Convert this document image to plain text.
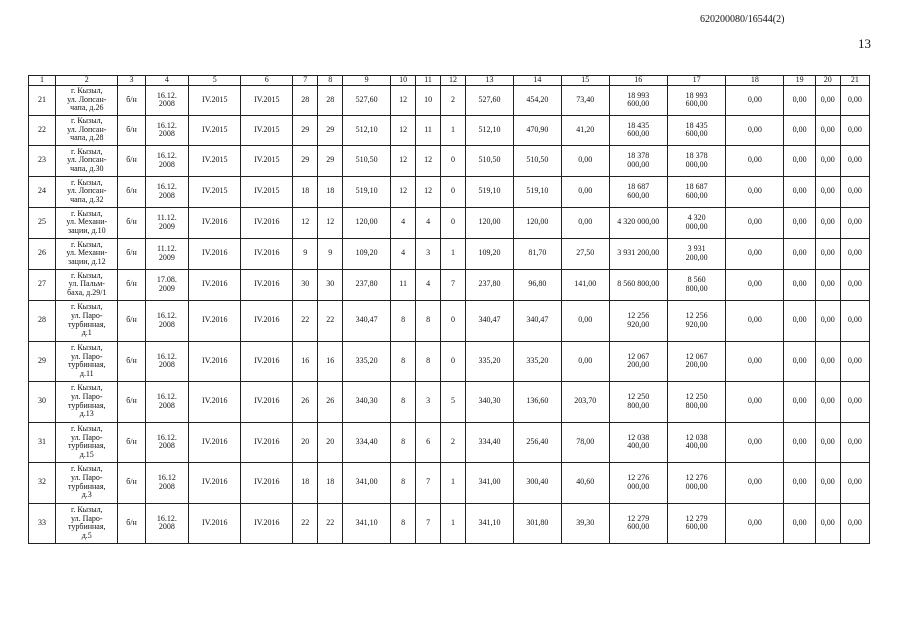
620200080/16544(2)
13
1	2	3	4	5	6	7	8	9	10	11	12	13	14	15	16	17	18	19	20	21

21	г. Кызыл,
ул. Лопсан-
чапа, д.26	б/н	16.12.
2008	IV.2015	IV.2015	28	28	527,60	12	10	2	527,60	454,20	73,40	18 993
600,00	18 993
600,00	0,00	0,00	0,00	0,00

22	г. Кызыл,
ул. Лопсан-
чапа, д.28	б/н	16.12.
2008	IV.2015	IV.2015	29	29	512,10	12	11	1	512,10	470,90	41,20	18 435
600,00	18 435
600,00	0,00	0,00	0,00	0,00

23	г. Кызыл,
ул. Лопсан-
чапа, д.30	б/н	16.12.
2008	IV.2015	IV.2015	29	29	510,50	12	12	0	510,50	510,50	0,00	18 378
000,00	18 378
000,00	0,00	0,00	0,00	0,00

24	г. Кызыл,
ул. Лопсан-
чапа, д.32	б/н	16.12.
2008	IV.2015	IV.2015	18	18	519,10	12	12	0	519,10	519,10	0,00	18 687
600,00	18 687
600,00	0,00	0,00	0,00	0,00

25	г. Кызыл,
ул. Механи-
зации, д.10	б/н	11.12.
2009	IV.2016	IV.2016	12	12	120,00	4	4	0	120,00	120,00	0,00	4 320 000,00	4 320
000,00	0,00	0,00	0,00	0,00

26	г. Кызыл,
ул. Механи-
зации, д.12	б/н	11.12.
2009	IV.2016	IV.2016	9	9	109,20	4	3	1	109,20	81,70	27,50	3 931 200,00	3 931
200,00	0,00	0,00	0,00	0,00

27	г. Кызыл,
ул. Пальм-
баха, д.29/1	б/н	17.08.
2009	IV.2016	IV.2016	30	30	237,80	11	4	7	237,80	96,80	141,00	8 560 800,00	8 560
800,00	0,00	0,00	0,00	0,00

28	г. Кызыл,
ул. Паро-
турбинная,
д.1	б/н	16.12.
2008	IV.2016	IV.2016	22	22	340,47	8	8	0	340,47	340,47	0,00	12 256
920,00	12 256
920,00	0,00	0,00	0,00	0,00

29	г. Кызыл,
ул. Паро-
турбинная,
д.11	б/н	16.12.
2008	IV.2016	IV.2016	16	16	335,20	8	8	0	335,20	335,20	0,00	12 067
200,00	12 067
200,00	0,00	0,00	0,00	0,00

30	г. Кызыл,
ул. Паро-
турбинная,
д.13	б/н	16.12.
2008	IV.2016	IV.2016	26	26	340,30	8	3	5	340,30	136,60	203,70	12 250
800,00	12 250
800,00	0,00	0,00	0,00	0,00

31	г. Кызыл,
ул. Паро-
турбинная,
д.15	б/н	16.12.
2008	IV.2016	IV.2016	20	20	334,40	8	6	2	334,40	256,40	78,00	12 038
400,00	12 038
400,00	0,00	0,00	0,00	0,00

32	г. Кызыл,
ул. Паро-
турбинная,
д.3	б/н	16.12
2008	IV.2016	IV.2016	18	18	341,00	8	7	1	341,00	300,40	40,60	12 276
000,00	12 276
000,00	0,00	0,00	0,00	0,00

33	г. Кызыл,
ул. Паро-
турбинная,
д.5	б/н	16.12.
2008	IV.2016	IV.2016	22	22	341,10	8	7	1	341,10	301,80	39,30	12 279
600,00	12 279
600,00	0,00	0,00	0,00	0,00
